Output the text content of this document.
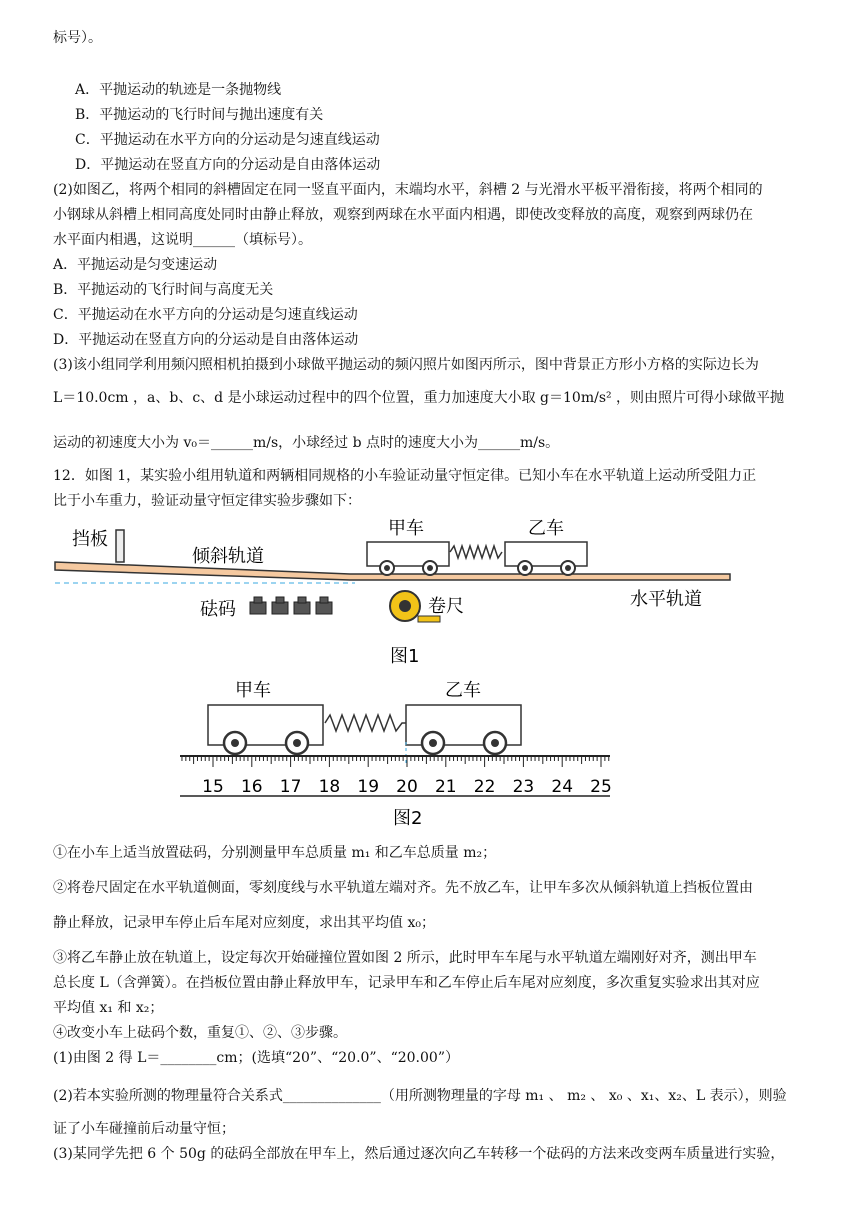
标号）。
A．平抛运动的轨迹是一条抛物线
B．平抛运动的飞行时间与抛出速度有关
C．平抛运动在水平方向的分运动是匀速直线运动
D．平抛运动在竖直方向的分运动是自由落体运动
(2)如图乙，将两个相同的斜槽固定在同一竖直平面内，末端均水平，斜槽 2 与光滑水平板平滑衔接，将两个相同的
小钢球从斜槽上相同高度处同时由静止释放，观察到两球在水平面内相遇，即使改变释放的高度，观察到两球仍在
水平面内相遇，这说明______（填标号）。
A．平抛运动是匀变速运动
B．平抛运动的飞行时间与高度无关
C．平抛运动在水平方向的分运动是匀速直线运动
D．平抛运动在竖直方向的分运动是自由落体运动
(3)该小组同学利用频闪照相机拍摄到小球做平抛运动的频闪照片如图丙所示，图中背景正方形小方格的实际边长为
L＝10.0cm ，a、b、c、d 是小球运动过程中的四个位置，重力加速度大小取 g＝10m/s² ，则由照片可得小球做平抛
运动的初速度大小为 v₀＝______m/s，小球经过 b 点时的速度大小为______m/s。
12．如图 1，某实验小组用轨道和两辆相同规格的小车验证动量守恒定律。已知小车在水平轨道上运动所受阻力正
比于小车重力，验证动量守恒定律实验步骤如下：
挡板
倾斜轨道
甲车	乙车
砝码	卷尺	水平轨道
图1
甲车	乙车
15 16 17 18 19 20 21 22 23 24 25
图2
①在小车上适当放置砝码，分别测量甲车总质量 m₁ 和乙车总质量 m₂；
②将卷尺固定在水平轨道侧面，零刻度线与水平轨道左端对齐。先不放乙车，让甲车多次从倾斜轨道上挡板位置由
静止释放，记录甲车停止后车尾对应刻度，求出其平均值 x₀；
③将乙车静止放在轨道上，设定每次开始碰撞位置如图 2 所示，此时甲车车尾与水平轨道左端刚好对齐，测出甲车
总长度 L（含弹簧）。在挡板位置由静止释放甲车，记录甲车和乙车停止后车尾对应刻度，多次重复实验求出其对应
平均值 x₁ 和 x₂；
④改变小车上砝码个数，重复①、②、③步骤。
(1)由图 2 得 L＝________cm；(选填“20”、“20.0”、“20.00”）
(2)若本实验所测的物理量符合关系式______________（用所测物理量的字母 m₁ 、 m₂ 、 x₀ 、x₁、x₂、L 表示），则验
证了小车碰撞前后动量守恒；
(3)某同学先把 6 个 50g 的砝码全部放在甲车上，然后通过逐次向乙车转移一个砝码的方法来改变两车质量进行实验，
